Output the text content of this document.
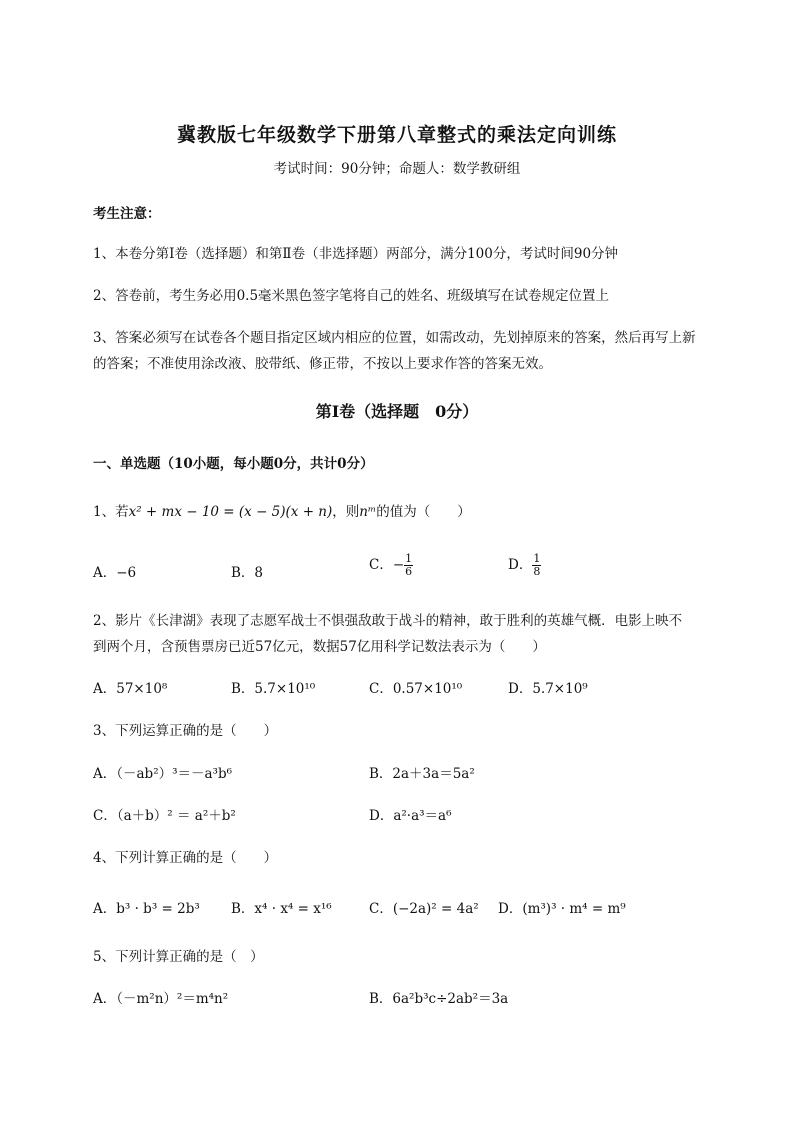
冀教版七年级数学下册第八章整式的乘法定向训练
考试时间：90分钟；命题人：数学教研组
考生注意：
1、本卷分第I卷（选择题）和第Ⅱ卷（非选择题）两部分，满分100分，考试时间90分钟
2、答卷前，考生务必用0.5毫米黑色签字笔将自己的姓名、班级填写在试卷规定位置上
3、答案必须写在试卷各个题目指定区域内相应的位置，如需改动，先划掉原来的答案，然后再写上新
的答案；不准使用涂改液、胶带纸、修正带，不按以上要求作答的答案无效。
第I卷（选择题　0分）
一、单选题（10小题，每小题0分，共计0分）
1、若x² + mx − 10 = (x − 5)(x + n)，则nᵐ的值为（　　）
A．−6	B．8	C．− $\frac{1}{6}$	D． $\frac{1}{8}$
2、影片《长津湖》表现了志愿军战士不惧强敌敢于战斗的精神，敢于胜利的英雄气概．电影上映不
到两个月，含预售票房已近57亿元，数据57亿用科学记数法表示为（　　）
A．57×10⁸	B．5.7×10¹⁰	C．0.57×10¹⁰	D．5.7×10⁹
3、下列运算正确的是（　　）
A．（－ab²）³＝－a³b⁶	B．2a＋3a＝5a²
C．（a＋b）² ＝ a²＋b²	D．a²·a³＝a⁶
4、下列计算正确的是（　　）
A．b³ · b³ = 2b³ B．x⁴ · x⁴ = x¹⁶	C．(−2a)² = 4a² D．(m³)³ · m⁴ = m⁹
5、下列计算正确的是（　）
A．（－m²n）²＝m⁴n²	B．6a²b³c÷2ab²＝3a
